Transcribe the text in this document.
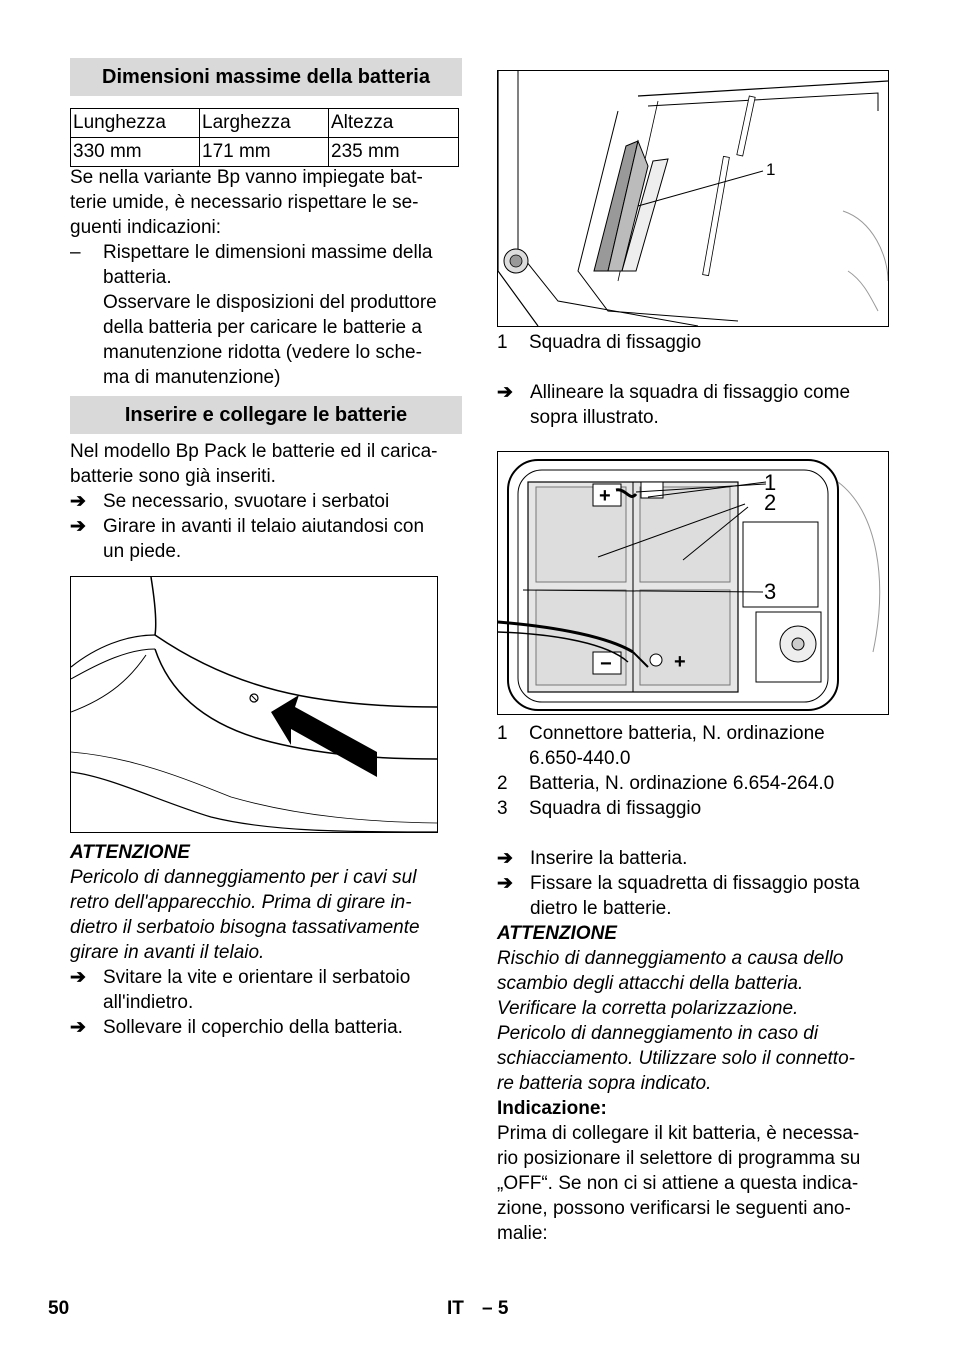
Dimensioni massime della batteria
Lunghezza	Larghezza	Altezza
330 mm	171 mm	235 mm

Se nella variante Bp vanno impiegate bat-
terie umide, è necessario rispettare le se-
guenti indicazioni:

–	Rispettare le dimensioni massime della
batteria.
Osservare le disposizioni del produttore
della batteria per caricare le batterie a
manutenzione ridotta (vedere lo sche-
ma di manutenzione)
Inserire e collegare le batterie

Nel modello Bp Pack le batterie ed il carica-
batterie sono già inseriti.

➔ Se necessario, svuotare i serbatoi
➔ Girare in avanti il telaio aiutandosi con
un piede.
ATTENZIONE

Pericolo di danneggiamento per i cavi sul
retro dell'apparecchio. Prima di girare in-
dietro il serbatoio bisogna tassativamente
girare in avanti il telaio.

➔ Svitare la vite e orientare il serbatoio
all'indietro.
➔ Sollevare il coperchio della batteria.
1
1 Squadra di fissaggio
➔ Allineare la squadra di fissaggio come
sopra illustrato.
+
−	+
1
2
3
1 Connettore batteria, N. ordinazione
6.650-440.0
2 Batteria, N. ordinazione 6.654-264.0
3 Squadra di fissaggio
➔ Inserire la batteria.
➔ Fissare la squadretta di fissaggio posta
dietro le batterie.
ATTENZIONE

Rischio di danneggiamento a causa dello
scambio degli attacchi della batteria.
Verificare la corretta polarizzazione.
Pericolo di danneggiamento in caso di
schiacciamento. Utilizzare solo il connetto-
re batteria sopra indicato.

Indicazione:

Prima di collegare il kit batteria, è necessa-
rio posizionare il selettore di programma su
„OFF“. Se non ci si attiene a questa indica-
zione, possono verificarsi le seguenti ano-
malie:

50	IT – 5
